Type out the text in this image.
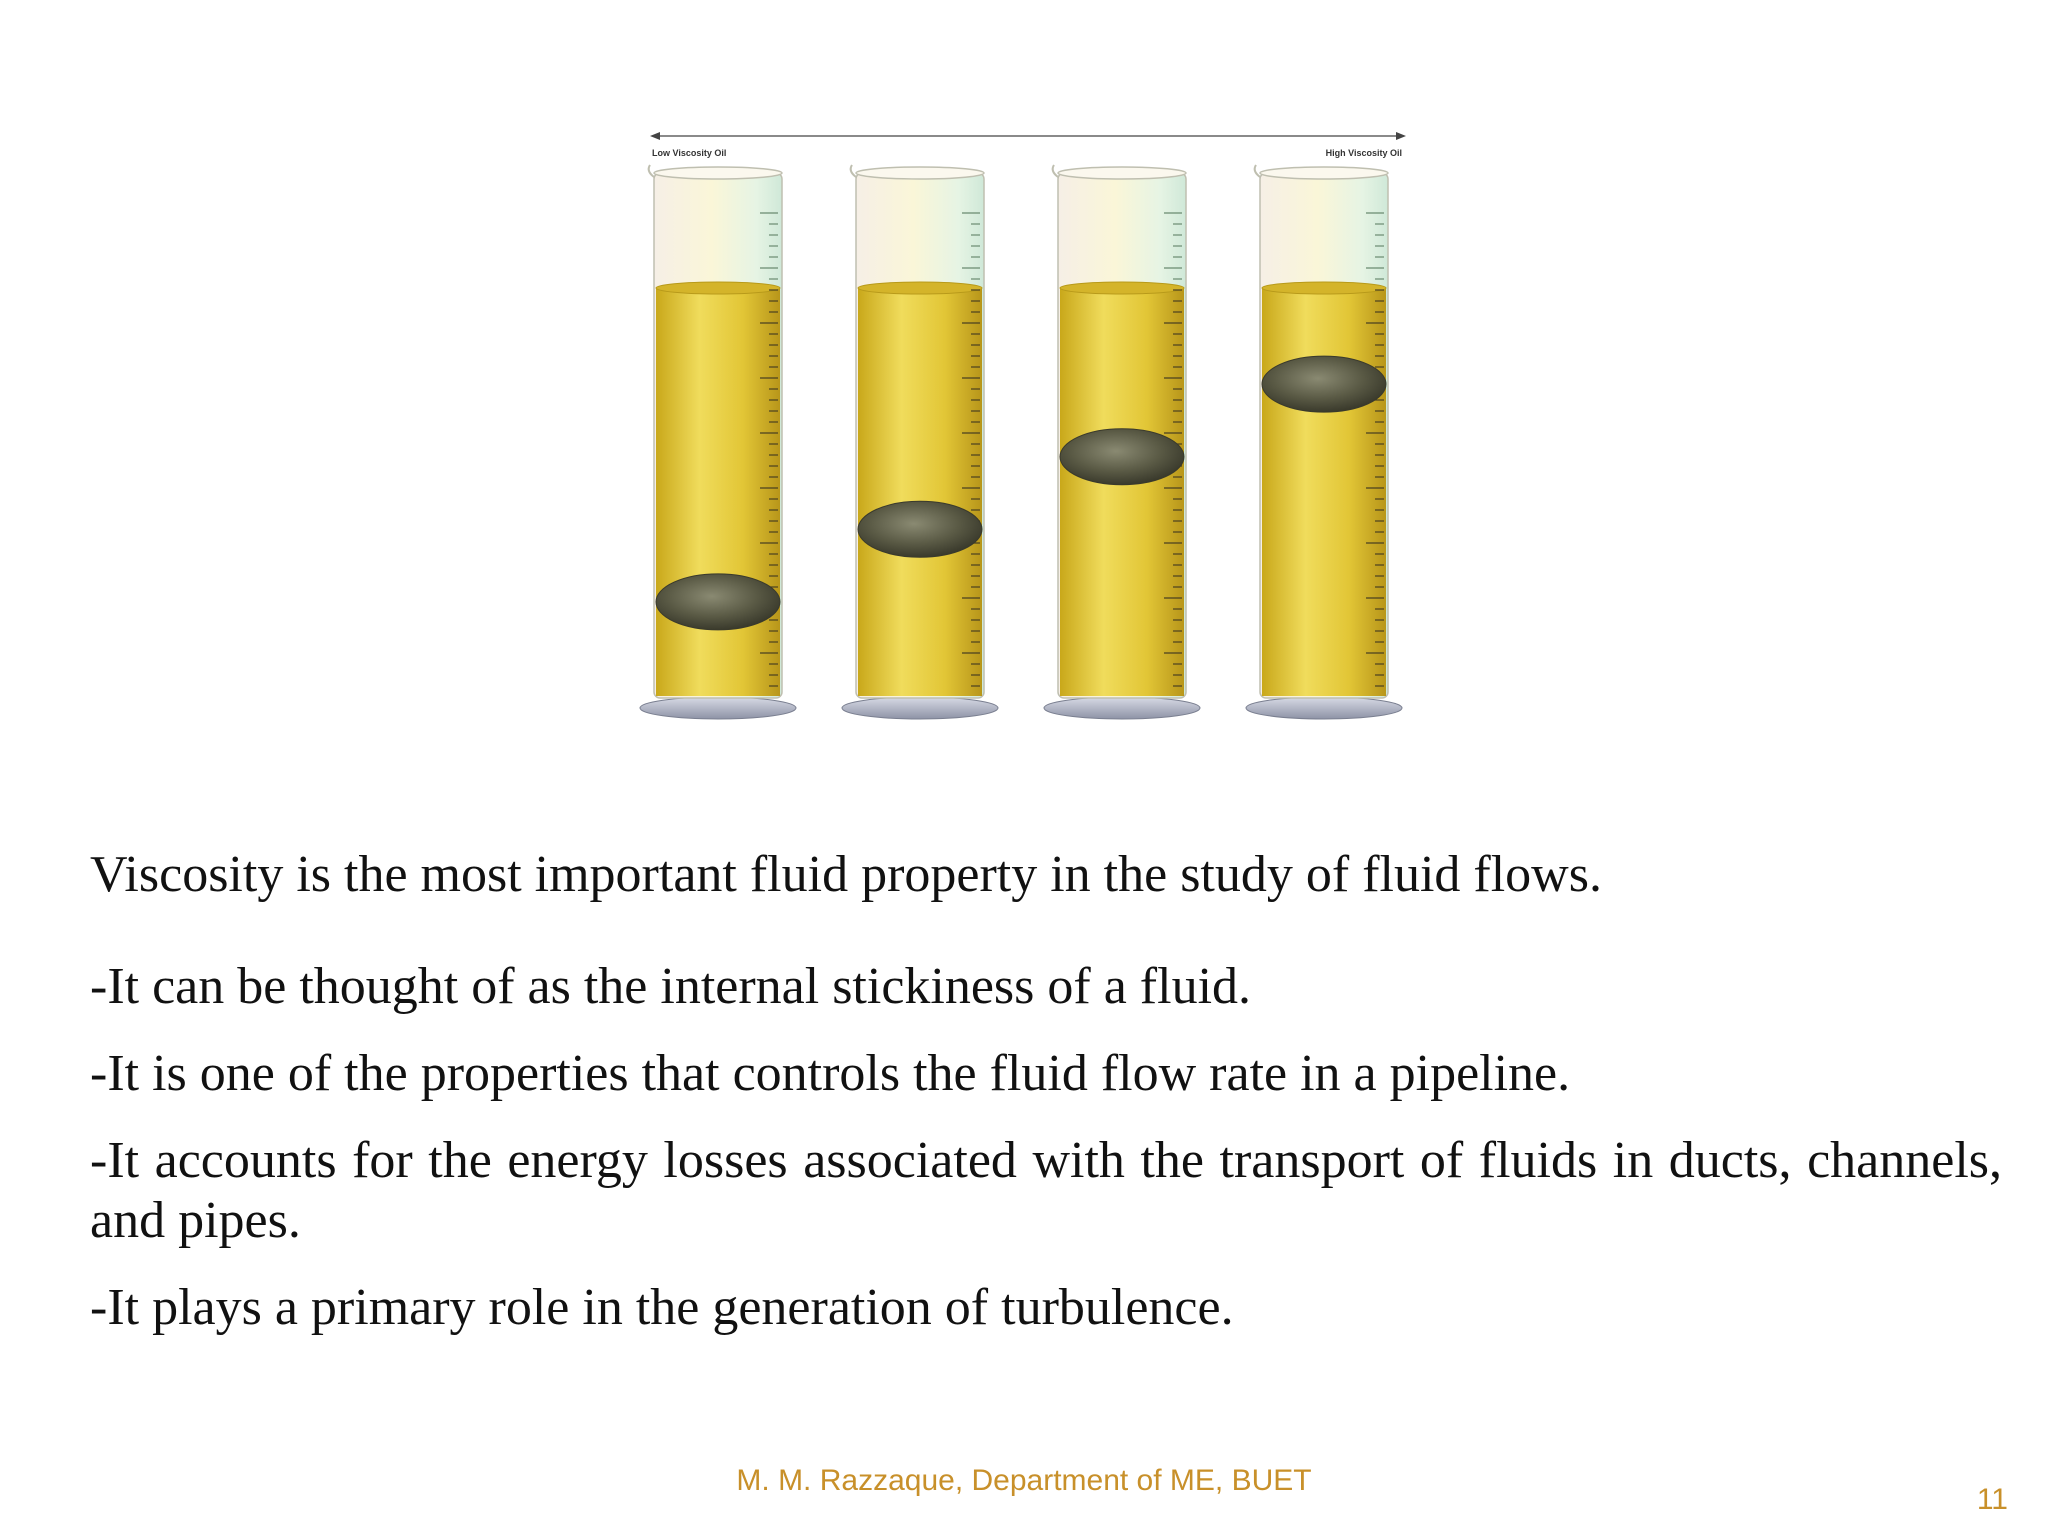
Low Viscosity Oil	High Viscosity Oil

Viscosity is the most important fluid property in the study of fluid flows.

-It can be thought of as the internal stickiness of a fluid.

-It is one of the properties that controls the fluid flow rate in a pipeline.

-It accounts for the energy losses associated with the transport of fluids in ducts, channels, and pipes.

-It plays a primary role in the generation of turbulence.

M. M. Razzaque, Department of ME, BUET
11
